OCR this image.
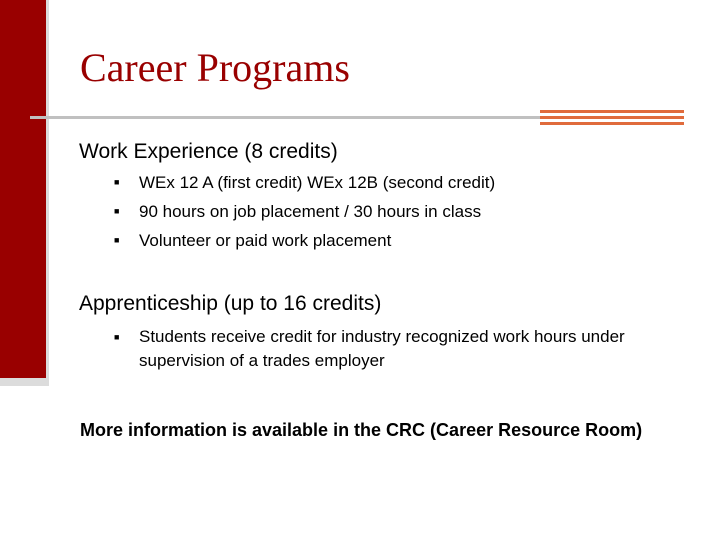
Career Programs
Work Experience (8 credits)
■	WEx 12 A (first credit) WEx 12B (second credit)
■	90 hours on job placement / 30 hours in class
■	Volunteer or paid work placement
Apprenticeship (up to 16 credits)
■	Students receive credit for industry recognized work hours under supervision of a trades employer
More information is available in the CRC (Career Resource Room)
